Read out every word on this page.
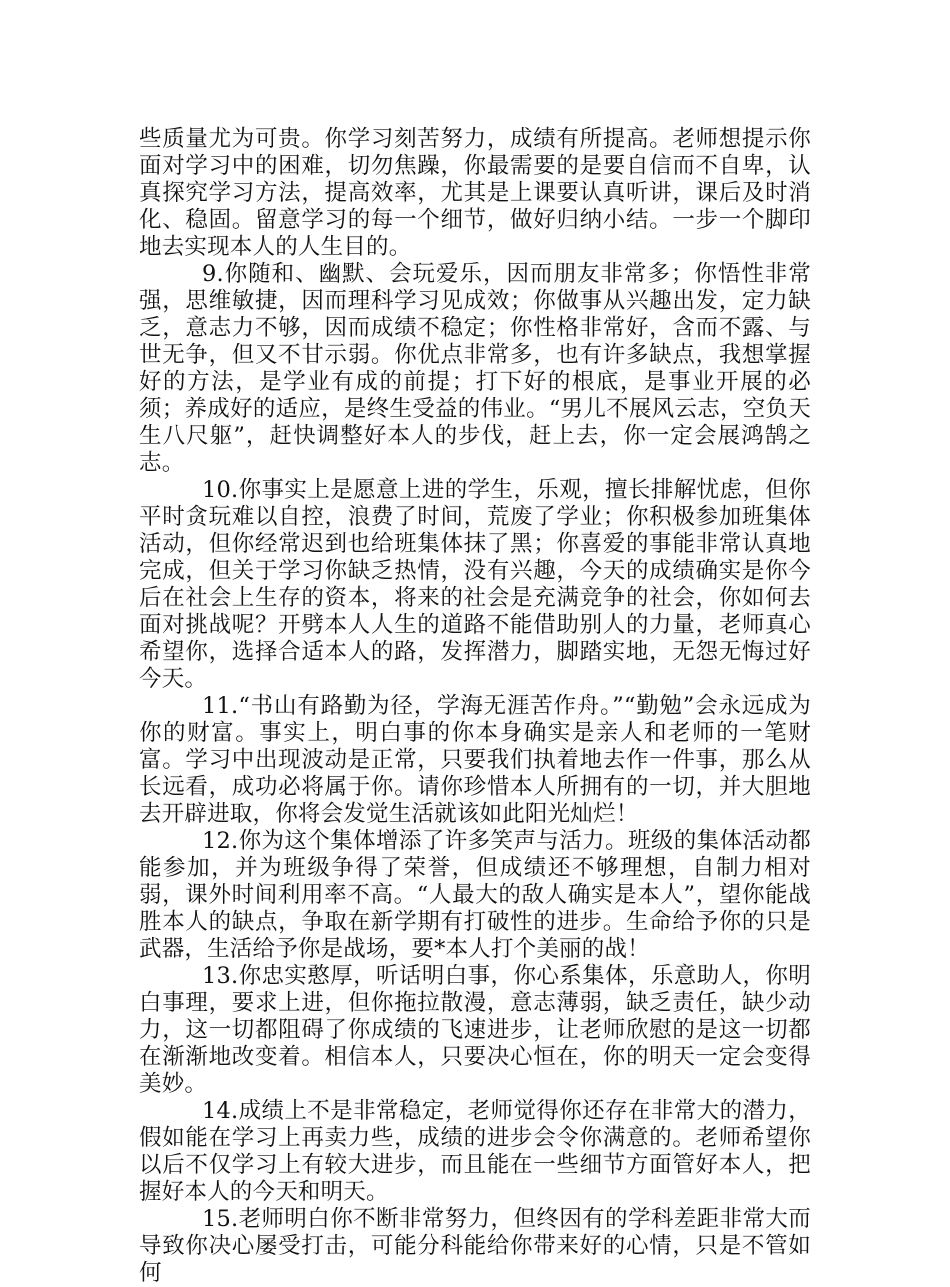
些质量尤为可贵。你学习刻苦努力，成绩有所提高。老师想提示你面对学习中的困难，切勿焦躁，你最需要的是要自信而不自卑，认真探究学习方法，提高效率，尤其是上课要认真听讲，课后及时消化、稳固。留意学习的每一个细节，做好归纳小结。一步一个脚印地去实现本人的人生目的。

9.你随和、幽默、会玩爱乐，因而朋友非常多；你悟性非常强，思维敏捷，因而理科学习见成效；你做事从兴趣出发，定力缺乏，意志力不够，因而成绩不稳定；你性格非常好，含而不露、与世无争，但又不甘示弱。你优点非常多，也有许多缺点，我想掌握好的方法，是学业有成的前提；打下好的根底，是事业开展的必须；养成好的适应，是终生受益的伟业。“男儿不展风云志，空负天生八尺躯”，赶快调整好本人的步伐，赶上去，你一定会展鸿鹄之志。

10.你事实上是愿意上进的学生，乐观，擅长排解忧虑，但你平时贪玩难以自控，浪费了时间，荒废了学业；你积极参加班集体活动，但你经常迟到也给班集体抹了黑；你喜爱的事能非常认真地完成，但关于学习你缺乏热情，没有兴趣，今天的成绩确实是你今后在社会上生存的资本，将来的社会是充满竞争的社会，你如何去面对挑战呢？开劈本人人生的道路不能借助别人的力量，老师真心希望你，选择合适本人的路，发挥潜力，脚踏实地，无怨无悔过好今天。

11.“书山有路勤为径，学海无涯苦作舟。”“勤勉”会永远成为你的财富。事实上，明白事的你本身确实是亲人和老师的一笔财富。学习中出现波动是正常，只要我们执着地去作一件事，那么从长远看，成功必将属于你。请你珍惜本人所拥有的一切，并大胆地去开辟进取，你将会发觉生活就该如此阳光灿烂！

12.你为这个集体增添了许多笑声与活力。班级的集体活动都能参加，并为班级争得了荣誉，但成绩还不够理想，自制力相对弱，课外时间利用率不高。“人最大的敌人确实是本人”，望你能战胜本人的缺点，争取在新学期有打破性的进步。生命给予你的只是武器，生活给予你是战场，要*本人打个美丽的战！

13.你忠实憨厚，听话明白事，你心系集体，乐意助人，你明白事理，要求上进，但你拖拉散漫，意志薄弱，缺乏责任，缺少动力，这一切都阻碍了你成绩的飞速进步，让老师欣慰的是这一切都在渐渐地改变着。相信本人，只要决心恒在，你的明天一定会变得美妙。

14.成绩上不是非常稳定，老师觉得你还存在非常大的潜力，假如能在学习上再卖力些，成绩的进步会令你满意的。老师希望你以后不仅学习上有较大进步，而且能在一些细节方面管好本人，把握好本人的今天和明天。

15.老师明白你不断非常努力，但终因有的学科差距非常大而导致你决心屡受打击，可能分科能给你带来好的心情，只是不管如何
